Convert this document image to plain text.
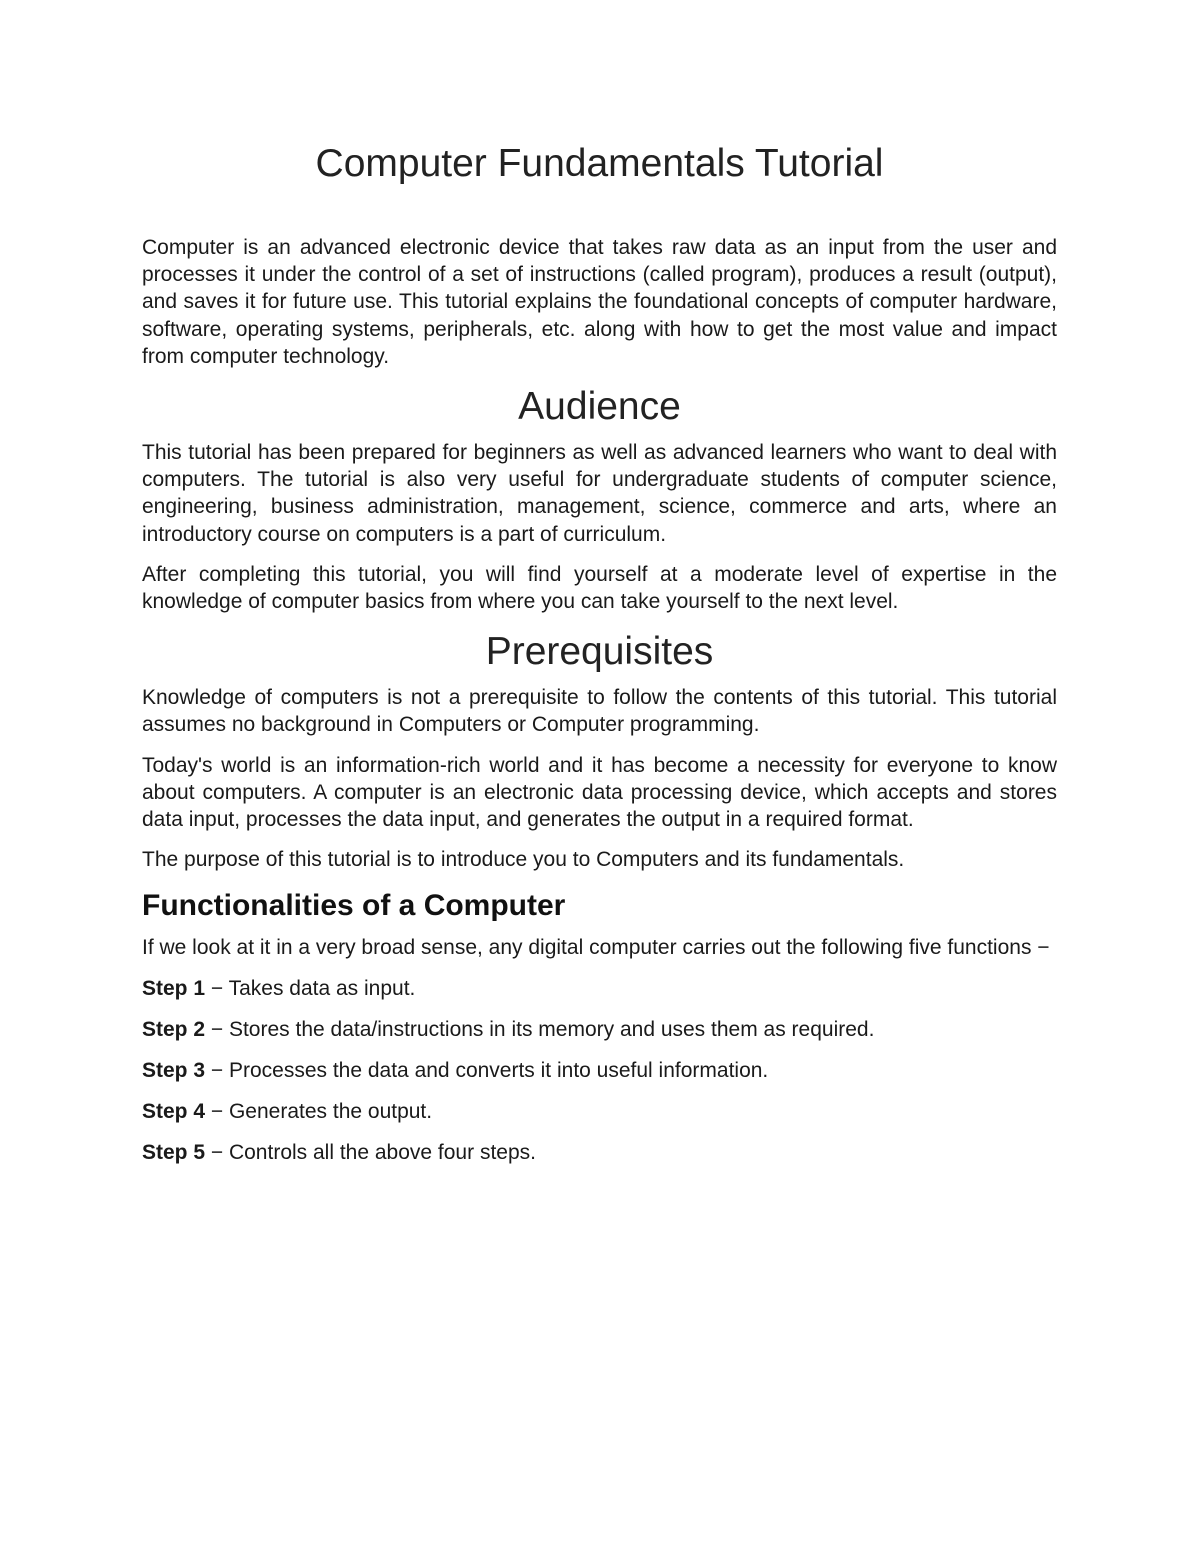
Computer Fundamentals Tutorial

Computer is an advanced electronic device that takes raw data as an input from the user and processes it under the control of a set of instructions (called program), produces a result (output), and saves it for future use. This tutorial explains the foundational concepts of computer hardware, software, operating systems, peripherals, etc. along with how to get the most value and impact from computer technology.

Audience

This tutorial has been prepared for beginners as well as advanced learners who want to deal with computers. The tutorial is also very useful for undergraduate students of computer science, engineering, business administration, management, science, commerce and arts, where an introductory course on computers is a part of curriculum.

After completing this tutorial, you will find yourself at a moderate level of expertise in the knowledge of computer basics from where you can take yourself to the next level.

Prerequisites

Knowledge of computers is not a prerequisite to follow the contents of this tutorial. This tutorial assumes no background in Computers or Computer programming.

Today's world is an information-rich world and it has become a necessity for everyone to know about computers. A computer is an electronic data processing device, which accepts and stores data input, processes the data input, and generates the output in a required format.

The purpose of this tutorial is to introduce you to Computers and its fundamentals.

Functionalities of a Computer

If we look at it in a very broad sense, any digital computer carries out the following five functions −

Step 1 − Takes data as input.

Step 2 − Stores the data/instructions in its memory and uses them as required.

Step 3 − Processes the data and converts it into useful information.

Step 4 − Generates the output.

Step 5 − Controls all the above four steps.
